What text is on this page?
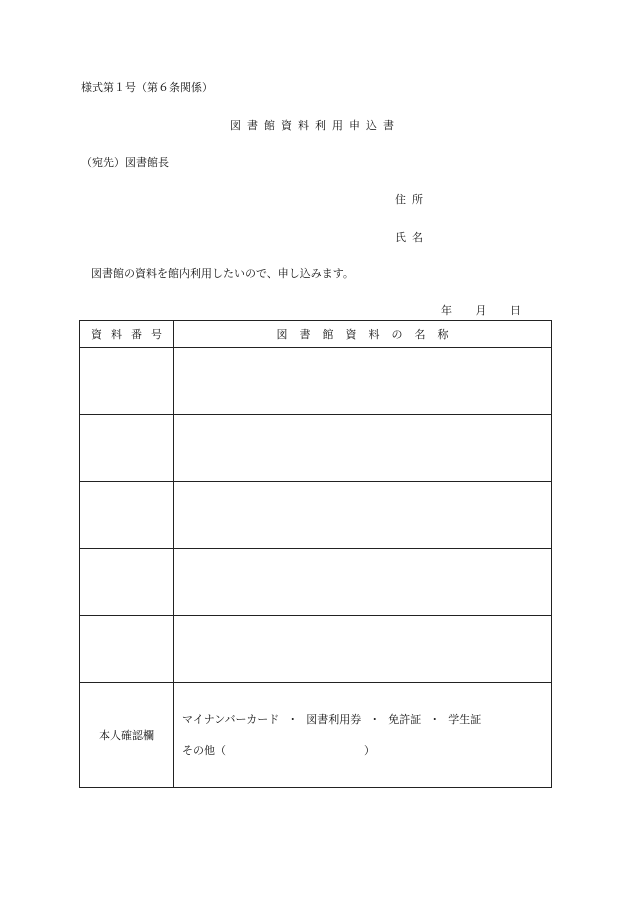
様式第１号（第６条関係）
図書館資料利用申込書
（宛先）図書館長
住所
氏名
図書館の資料を館内利用したいので、申し込みます。
年 月 日
資料番号	図書館資料の名称

本人確認欄	マイナンバーカード ・ 図書利用券 ・ 免許証 ・ 学生証
その他（ ）
